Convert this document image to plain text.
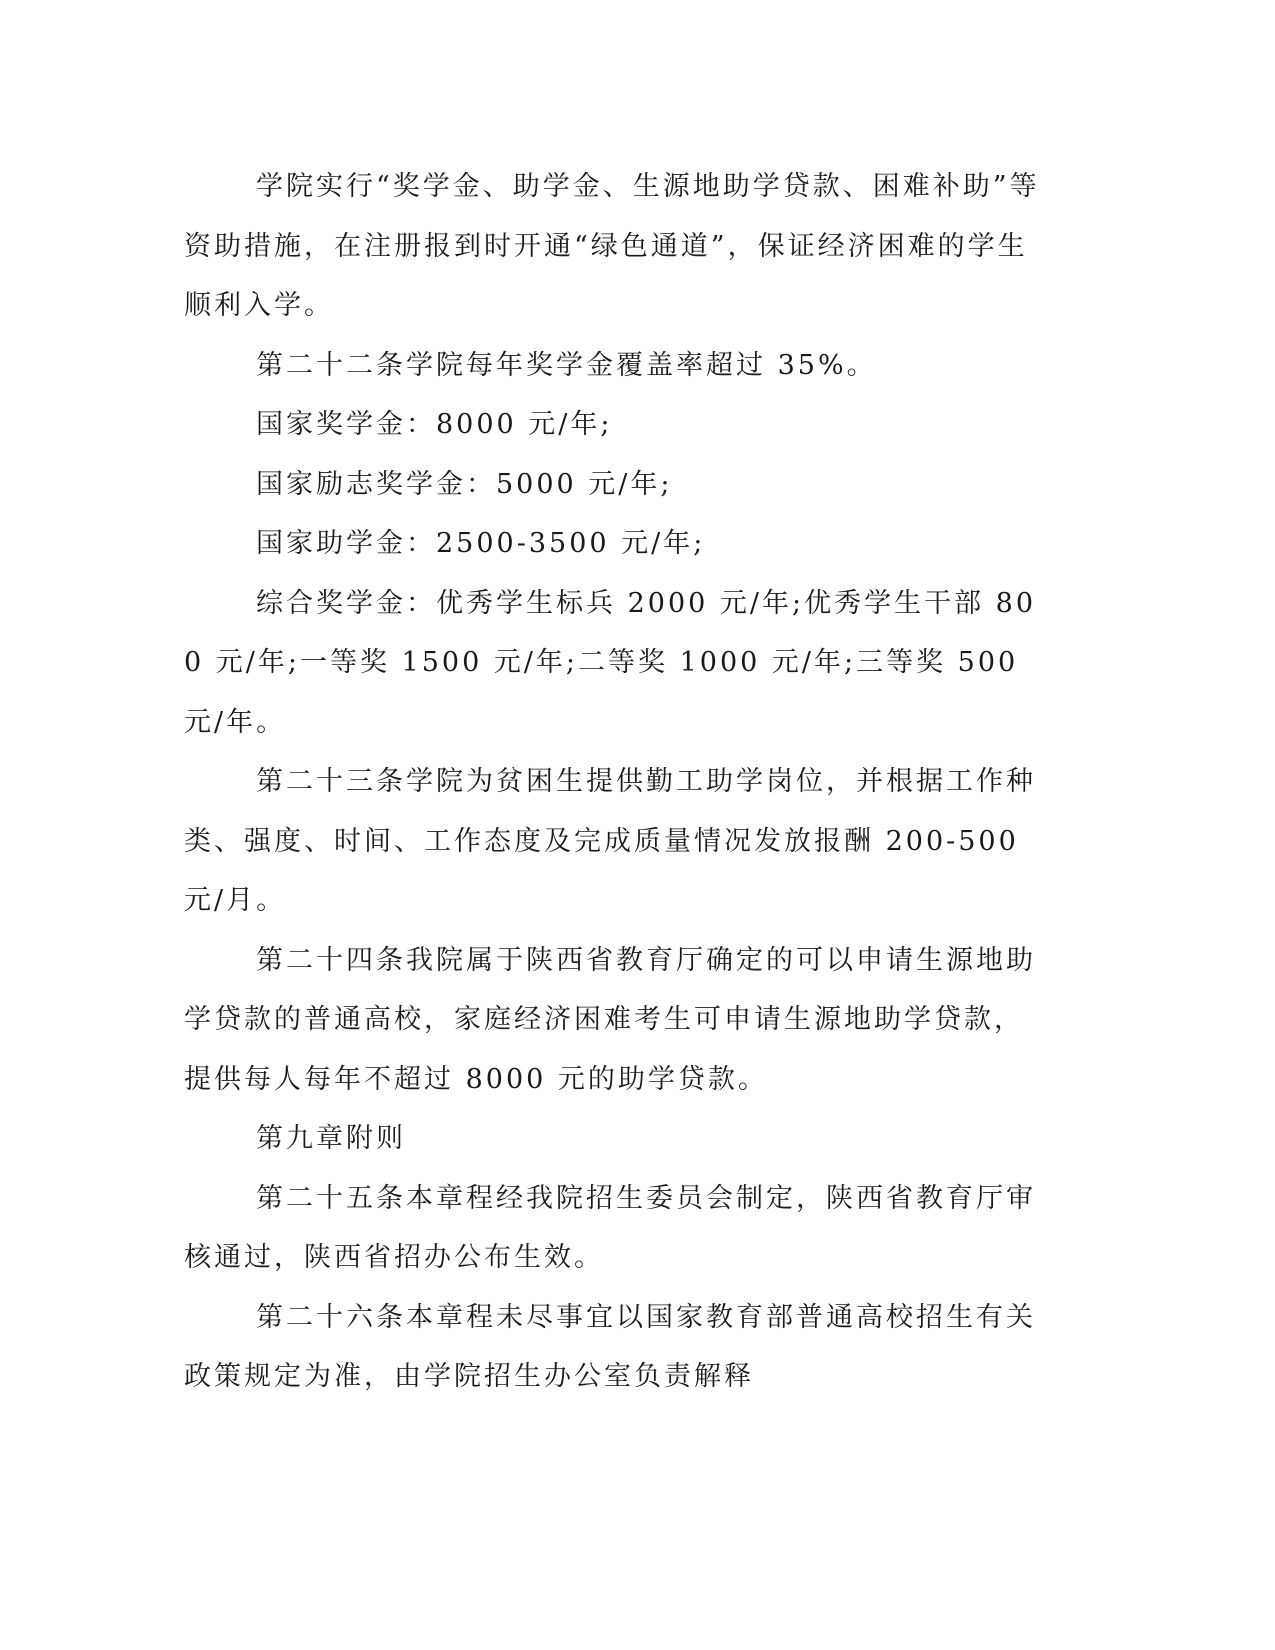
学院实行“奖学金、助学金、生源地助学贷款、困难补助”等资助措施，在注册报到时开通“绿色通道”，保证经济困难的学生顺利入学。

第二十二条学院每年奖学金覆盖率超过 35%。

国家奖学金：8000 元/年;

国家励志奖学金：5000 元/年;

国家助学金：2500-3500 元/年;

综合奖学金：优秀学生标兵 2000 元/年;优秀学生干部 800 元/年;一等奖 1500 元/年;二等奖 1000 元/年;三等奖 500 元/年。

第二十三条学院为贫困生提供勤工助学岗位，并根据工作种类、强度、时间、工作态度及完成质量情况发放报酬 200-500 元/月。

第二十四条我院属于陕西省教育厅确定的可以申请生源地助学贷款的普通高校，家庭经济困难考生可申请生源地助学贷款，提供每人每年不超过 8000 元的助学贷款。

第九章附则

第二十五条本章程经我院招生委员会制定，陕西省教育厅审核通过，陕西省招办公布生效。

第二十六条本章程未尽事宜以国家教育部普通高校招生有关政策规定为准，由学院招生办公室负责解释
